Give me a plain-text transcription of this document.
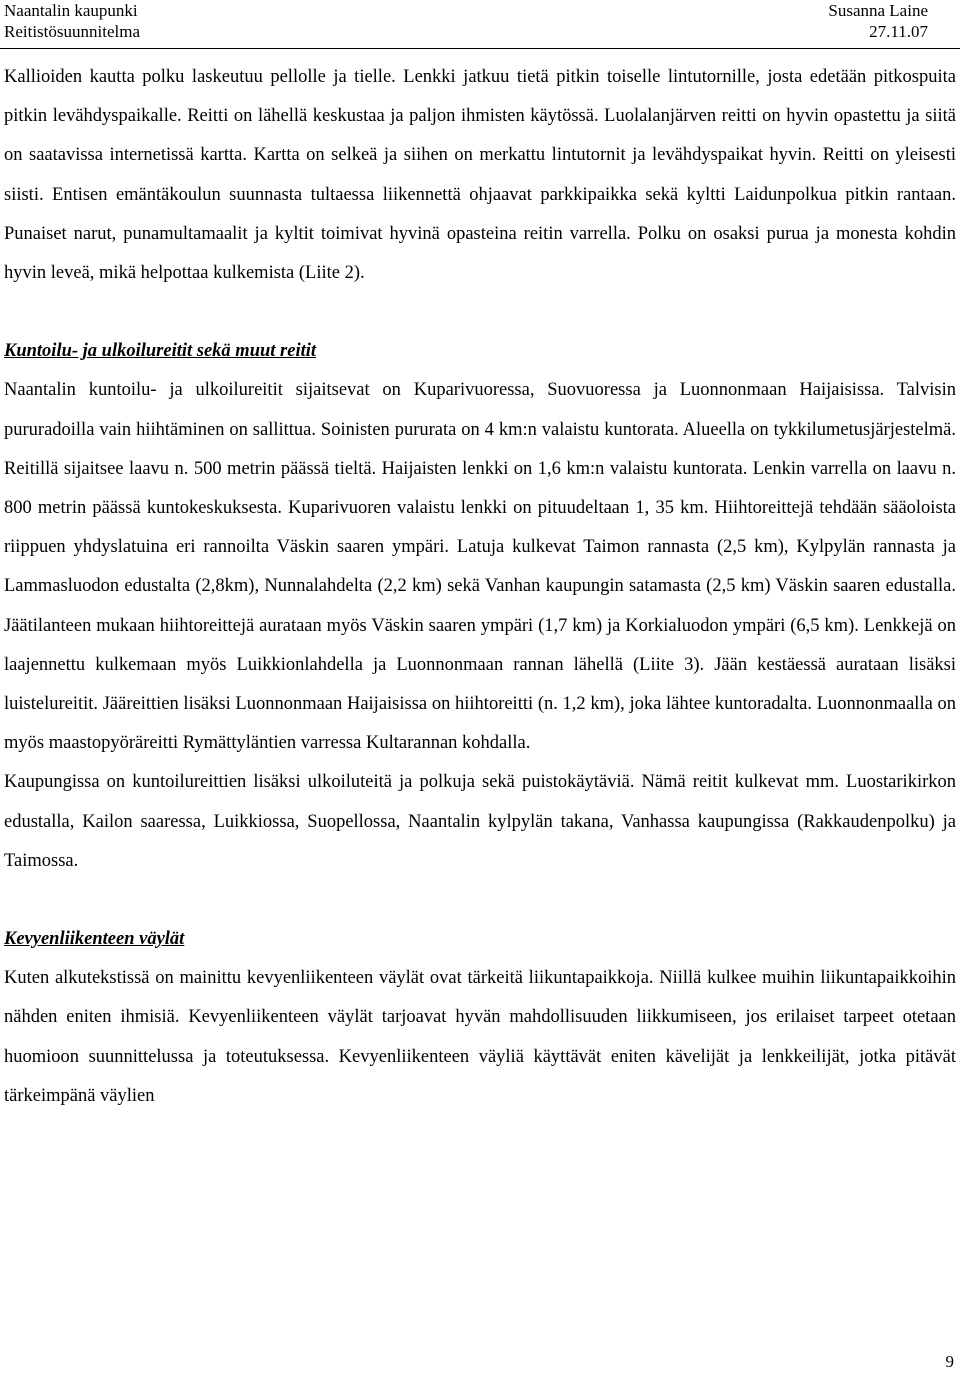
Naantalin kaupunki	Susanna Laine
Reitistösuunnitelma	27.11.07

Kallioiden kautta polku laskeutuu pellolle ja tielle. Lenkki jatkuu tietä pitkin toiselle lintutornille, josta edetään pitkospuita pitkin levähdyspaikalle. Reitti on lähellä keskustaa ja paljon ihmisten käytössä. Luolalanjärven reitti on hyvin opastettu ja siitä on saatavissa internetissä kartta. Kartta on selkeä ja siihen on merkattu lintutornit ja levähdyspaikat hyvin. Reitti on yleisesti siisti. Entisen emäntäkoulun suunnasta tultaessa liikennettä ohjaavat parkkipaikka sekä kyltti Laidunpolkua pitkin rantaan. Punaiset narut, punamultamaalit ja kyltit toimivat hyvinä opasteina reitin varrella. Polku on osaksi purua ja monesta kohdin hyvin leveä, mikä helpottaa kulkemista (Liite 2).

Kuntoilu- ja ulkoilureitit sekä muut reitit

Naantalin kuntoilu- ja ulkoilureitit sijaitsevat on Kuparivuoressa, Suovuoressa ja Luonnonmaan Haijaisissa. Talvisin pururadoilla vain hiihtäminen on sallittua. Soinisten pururata on 4 km:n valaistu kuntorata. Alueella on tykkilumetusjärjestelmä. Reitillä sijaitsee laavu n. 500 metrin päässä tieltä. Haijaisten lenkki on 1,6 km:n valaistu kuntorata. Lenkin varrella on laavu n. 800 metrin päässä kuntokeskuksesta. Kuparivuoren valaistu lenkki on pituudeltaan 1, 35 km. Hiihtoreittejä tehdään sääoloista riippuen yhdyslatuina eri rannoilta Väskin saaren ympäri. Latuja kulkevat Taimon rannasta (2,5 km), Kylpylän rannasta ja Lammasluodon edustalta (2,8km), Nunnalahdelta (2,2 km) sekä Vanhan kaupungin satamasta (2,5 km) Väskin saaren edustalla. Jäätilanteen mukaan hiihtoreittejä aurataan myös Väskin saaren ympäri (1,7 km) ja Korkialuodon ympäri (6,5 km). Lenkkejä on laajennettu kulkemaan myös Luikkionlahdella ja Luonnonmaan rannan lähellä (Liite 3). Jään kestäessä aurataan lisäksi luistelureitit. Jääreittien lisäksi Luonnonmaan Haijaisissa on hiihtoreitti (n. 1,2 km), joka lähtee kuntoradalta. Luonnonmaalla on myös maastopyöräreitti Rymättyläntien varressa Kultarannan kohdalla.

Kaupungissa on kuntoilureittien lisäksi ulkoiluteitä ja polkuja sekä puistokäytäviä. Nämä reitit kulkevat mm. Luostarikirkon edustalla, Kailon saaressa, Luikkiossa, Suopellossa, Naantalin kylpylän takana, Vanhassa kaupungissa (Rakkaudenpolku) ja Taimossa.

Kevyenliikenteen väylät

Kuten alkutekstissä on mainittu kevyenliikenteen väylät ovat tärkeitä liikuntapaikkoja. Niillä kulkee muihin liikuntapaikkoihin nähden eniten ihmisiä. Kevyenliikenteen väylät tarjoavat hyvän mahdollisuuden liikkumiseen, jos erilaiset tarpeet otetaan huomioon suunnittelussa ja toteutuksessa. Kevyenliikenteen väyliä käyttävät eniten kävelijät ja lenkkeilijät, jotka pitävät tärkeimpänä väylien

9
